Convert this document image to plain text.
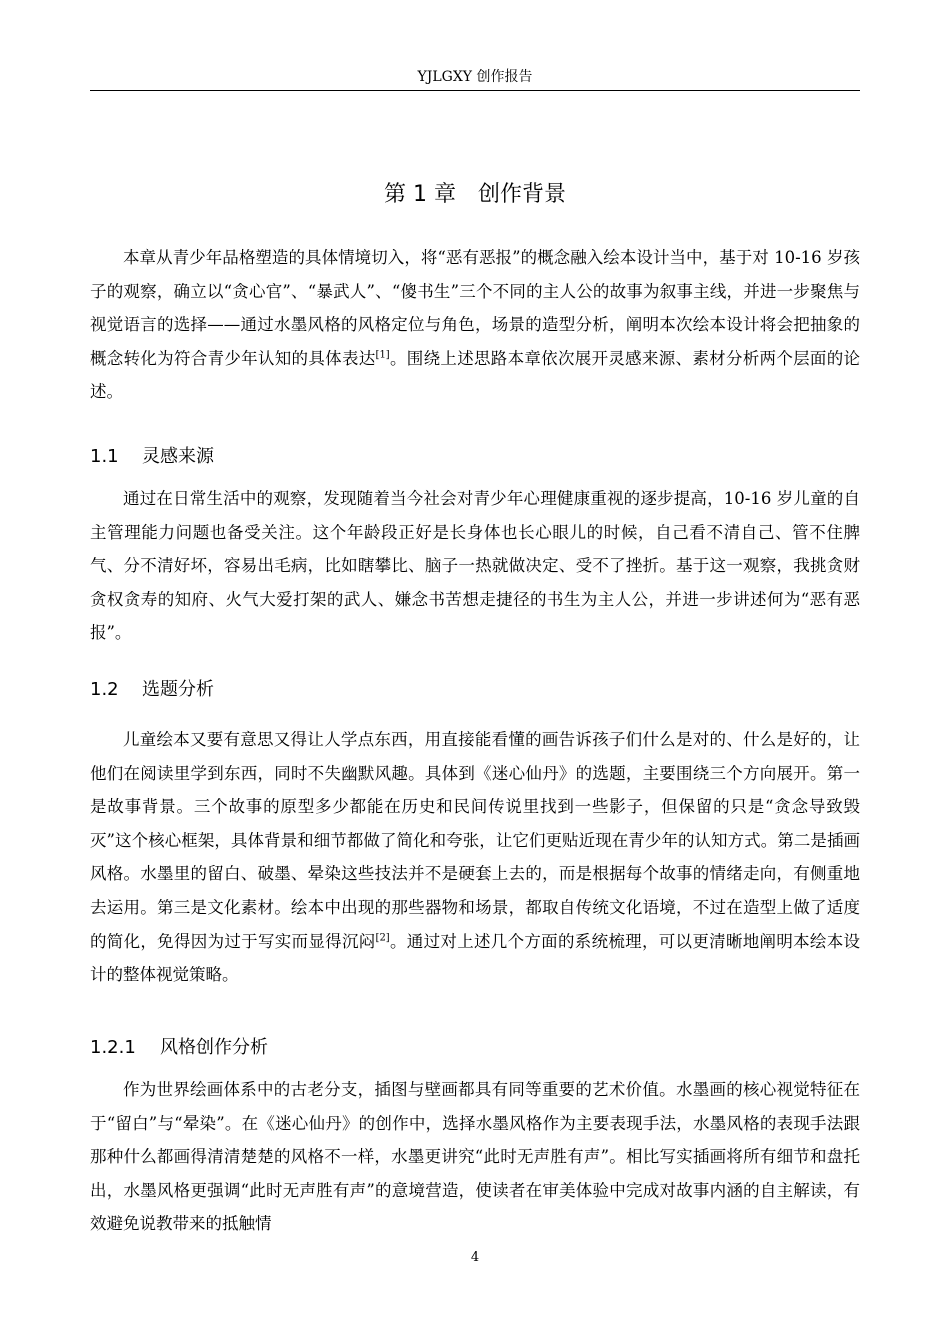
YJLGXY 创作报告
第 1 章　创作背景

本章从青少年品格塑造的具体情境切入，将“恶有恶报”的概念融入绘本设计当中，基于对 10-16 岁孩子的观察，确立以“贪心官”、“暴武人”、“傻书生”三个不同的主人公的故事为叙事主线，并进一步聚焦与视觉语言的选择——通过水墨风格的风格定位与角色，场景的造型分析，阐明本次绘本设计将会把抽象的概念转化为符合青少年认知的具体表达[1]。围绕上述思路本章依次展开灵感来源、素材分析两个层面的论述。

1.1 灵感来源

通过在日常生活中的观察，发现随着当今社会对青少年心理健康重视的逐步提高，10-16 岁儿童的自主管理能力问题也备受关注。这个年龄段正好是长身体也长心眼儿的时候，自己看不清自己、管不住脾气、分不清好坏，容易出毛病，比如瞎攀比、脑子一热就做决定、受不了挫折。基于这一观察，我挑贪财贪权贪寿的知府、火气大爱打架的武人、嫌念书苦想走捷径的书生为主人公，并进一步讲述何为“恶有恶报”。

1.2 选题分析

儿童绘本又要有意思又得让人学点东西，用直接能看懂的画告诉孩子们什么是对的、什么是好的，让他们在阅读里学到东西，同时不失幽默风趣。具体到《迷心仙丹》的选题，主要围绕三个方向展开。第一是故事背景。三个故事的原型多少都能在历史和民间传说里找到一些影子，但保留的只是“贪念导致毁灭”这个核心框架，具体背景和细节都做了简化和夸张，让它们更贴近现在青少年的认知方式。第二是插画风格。水墨里的留白、破墨、晕染这些技法并不是硬套上去的，而是根据每个故事的情绪走向，有侧重地去运用。第三是文化素材。绘本中出现的那些器物和场景，都取自传统文化语境，不过在造型上做了适度的简化，免得因为过于写实而显得沉闷[2]。通过对上述几个方面的系统梳理，可以更清晰地阐明本绘本设计的整体视觉策略。

1.2.1 风格创作分析

作为世界绘画体系中的古老分支，插图与壁画都具有同等重要的艺术价值。水墨画的核心视觉特征在于“留白”与“晕染”。在《迷心仙丹》的创作中，选择水墨风格作为主要表现手法，水墨风格的表现手法跟那种什么都画得清清楚楚的风格不一样，水墨更讲究“此时无声胜有声”。相比写实插画将所有细节和盘托出，水墨风格更强调“此时无声胜有声”的意境营造，使读者在审美体验中完成对故事内涵的自主解读，有效避免说教带来的抵触情

4
